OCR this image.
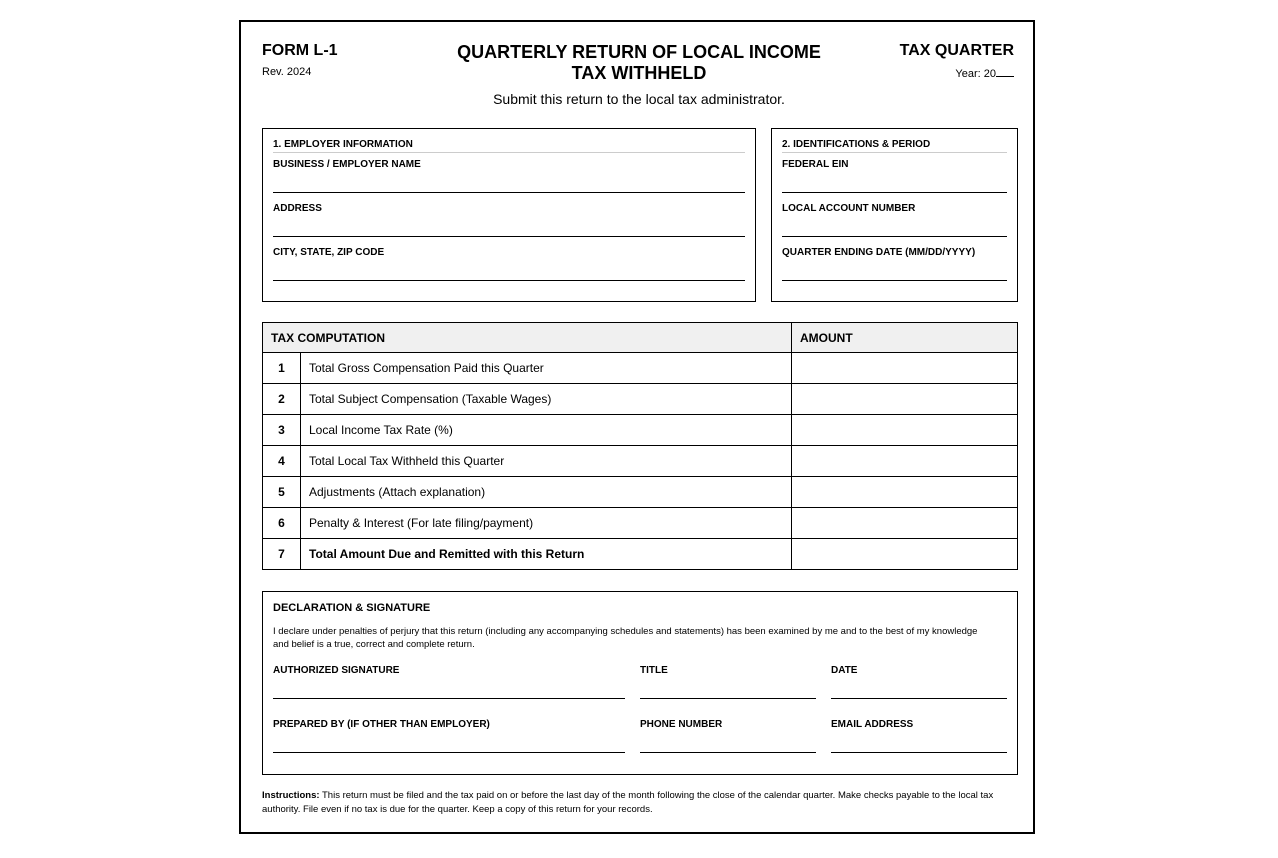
FORM L-1
Rev. 2024
QUARTERLY RETURN OF LOCAL INCOME TAX WITHHELD
Submit this return to the local tax administrator.
TAX QUARTER
Year: 20
1. EMPLOYER INFORMATION
BUSINESS / EMPLOYER NAME
ADDRESS
CITY, STATE, ZIP CODE
2. IDENTIFICATIONS & PERIOD
FEDERAL EIN
LOCAL ACCOUNT NUMBER
QUARTER ENDING DATE (MM/DD/YYYY)
TAX COMPUTATION		AMOUNT
1	Total Gross Compensation Paid this Quarter	
2	Total Subject Compensation (Taxable Wages)	
3	Local Income Tax Rate (%)	
4	Total Local Tax Withheld this Quarter	
5	Adjustments (Attach explanation)	
6	Penalty & Interest (For late filing/payment)	
7	Total Amount Due and Remitted with this Return	
DECLARATION & SIGNATURE
I declare under penalties of perjury that this return (including any accompanying schedules and statements) has been examined by me and to the best of my knowledge and belief is a true, correct and complete return.
AUTHORIZED SIGNATURE	TITLE	DATE
PREPARED BY (IF OTHER THAN EMPLOYER)	PHONE NUMBER	EMAIL ADDRESS
Instructions: This return must be filed and the tax paid on or before the last day of the month following the close of the calendar quarter. Make checks payable to the local tax authority. File even if no tax is due for the quarter. Keep a copy of this return for your records.
